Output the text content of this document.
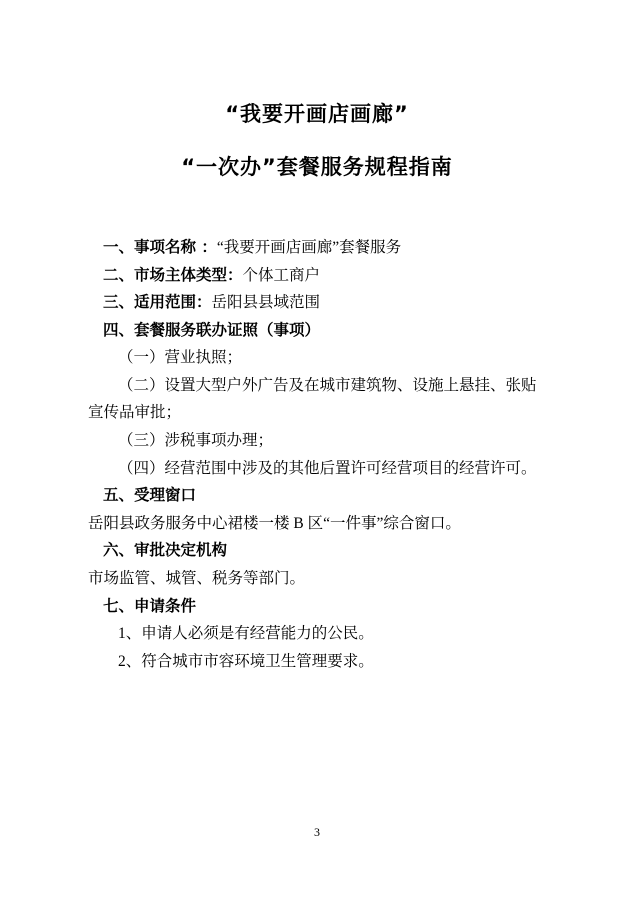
“我要开画店画廊”
“一次办”套餐服务规程指南

一、事项名称 ：“我要开画店画廊”套餐服务

二、市场主体类型：个体工商户

三、适用范围：岳阳县县域范围

四、套餐服务联办证照（事项）

（一）营业执照；

（二）设置大型户外广告及在城市建筑物、设施上悬挂、张贴宣传品审批；

（三）涉税事项办理；

（四）经营范围中涉及的其他后置许可经营项目的经营许可。

五、受理窗口

岳阳县政务服务中心裙楼一楼 B 区“一件事”综合窗口。

六、审批决定机构

市场监管、城管、税务等部门。

七、申请条件

1、申请人必须是有经营能力的公民。

2、符合城市市容环境卫生管理要求。

3
